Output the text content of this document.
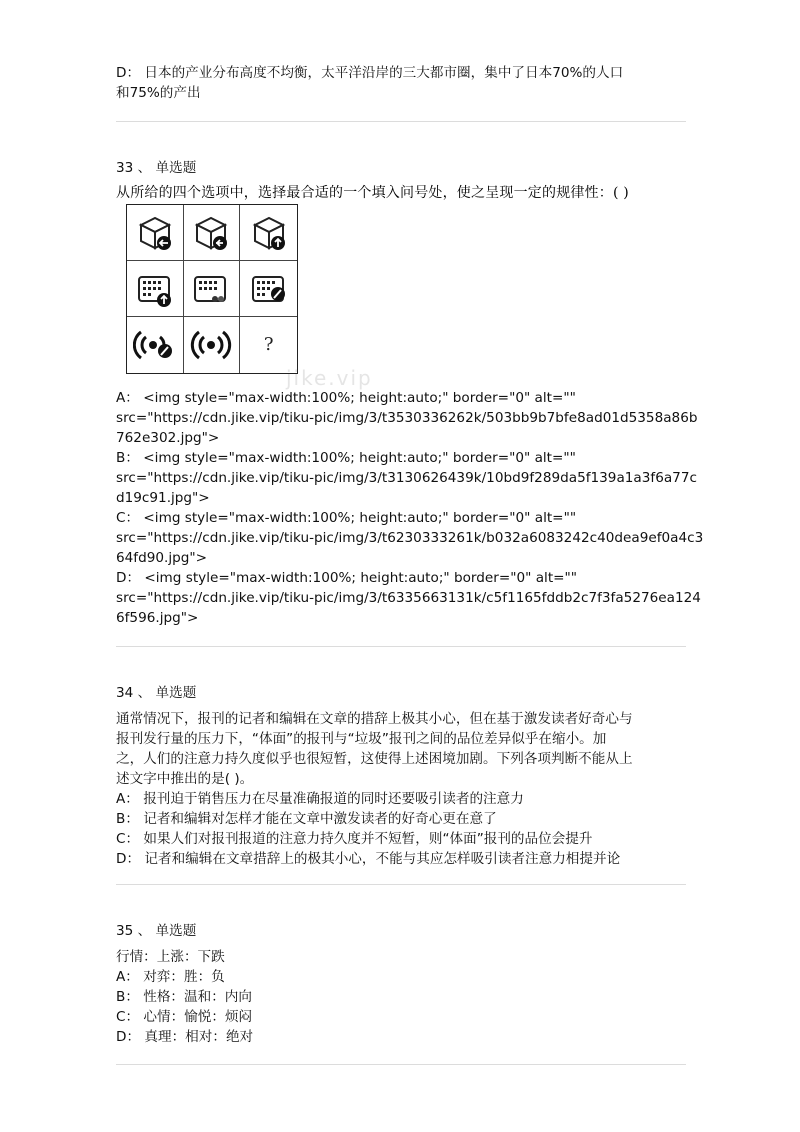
D： 日本的产业分布高度不均衡，太平洋沿岸的三大都市圈，集中了日本70%的人口
和75%的产出
33 、 单选题
从所给的四个选项中，选择最合适的一个填入问号处，使之呈现一定的规律性：( )
?
jike.vip
A： <img style="max-width:100%; height:auto;" border="0" alt=""
src="https://cdn.jike.vip/tiku-pic/img/3/t3530336262k/503bb9b7bfe8ad01d5358a86b
762e302.jpg">
B： <img style="max-width:100%; height:auto;" border="0" alt=""
src="https://cdn.jike.vip/tiku-pic/img/3/t3130626439k/10bd9f289da5f139a1a3f6a77c
d19c91.jpg">
C： <img style="max-width:100%; height:auto;" border="0" alt=""
src="https://cdn.jike.vip/tiku-pic/img/3/t6230333261k/b032a6083242c40dea9ef0a4c3
64fd90.jpg">
D： <img style="max-width:100%; height:auto;" border="0" alt=""
src="https://cdn.jike.vip/tiku-pic/img/3/t6335663131k/c5f1165fddb2c7f3fa5276ea124
6f596.jpg">
34 、 单选题
通常情况下，报刊的记者和编辑在文章的措辞上极其小心，但在基于激发读者好奇心与
报刊发行量的压力下，“体面”的报刊与“垃圾”报刊之间的品位差异似乎在缩小。加
之，人们的注意力持久度似乎也很短暂，这使得上述困境加剧。下列各项判断不能从上
述文字中推出的是( )。
A： 报刊迫于销售压力在尽量准确报道的同时还要吸引读者的注意力
B： 记者和编辑对怎样才能在文章中激发读者的好奇心更在意了
C： 如果人们对报刊报道的注意力持久度并不短暂，则“体面”报刊的品位会提升
D： 记者和编辑在文章措辞上的极其小心，不能与其应怎样吸引读者注意力相提并论
35 、 单选题
行情：上涨：下跌
A： 对弈：胜：负
B： 性格：温和：内向
C： 心情：愉悦：烦闷
D： 真理：相对：绝对
